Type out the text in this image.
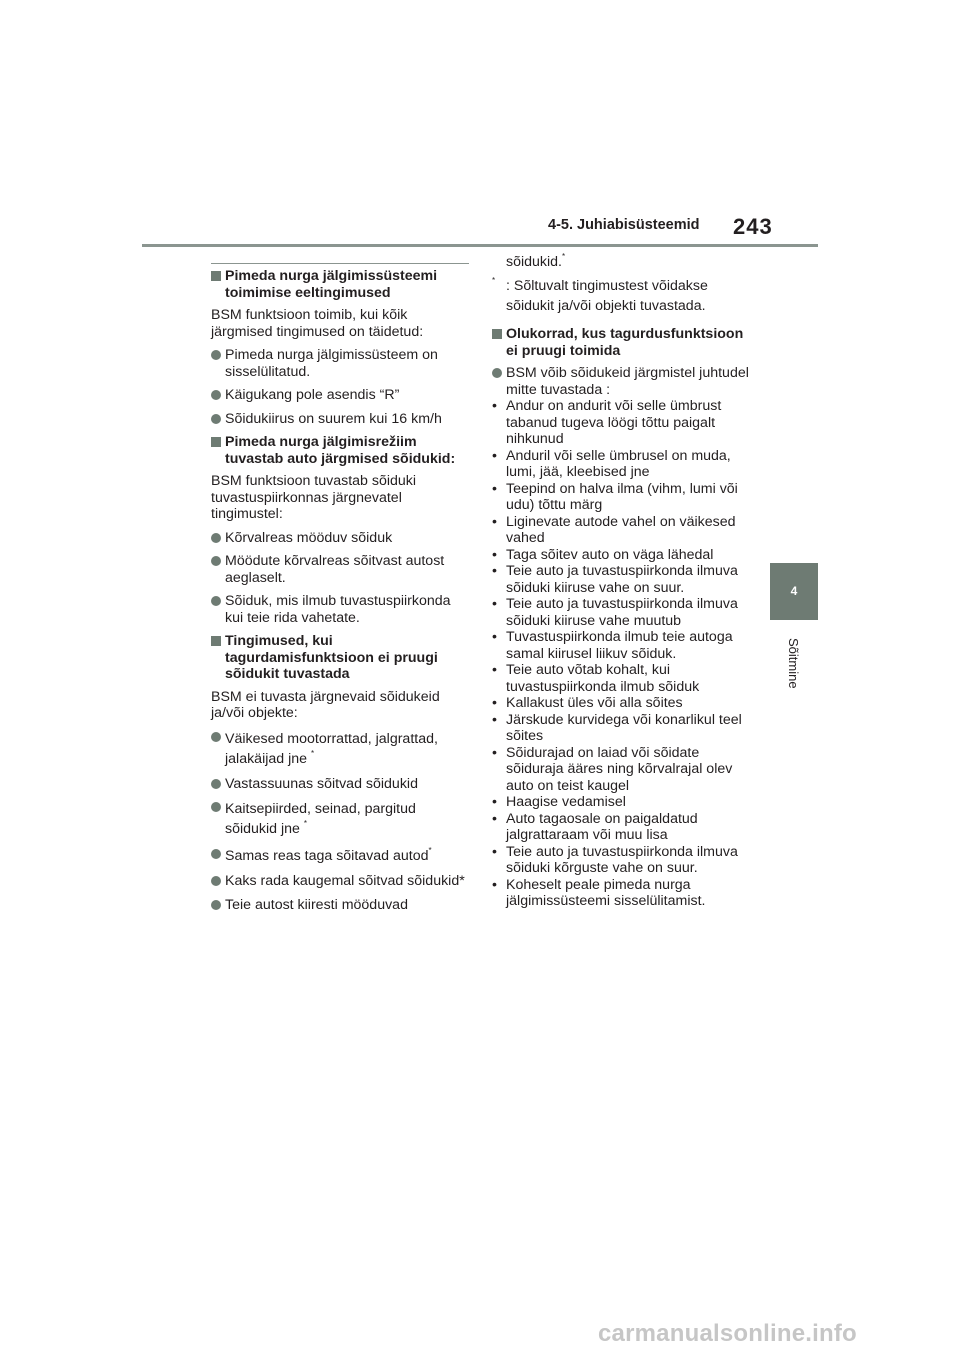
4-5. Juhiabisüsteemid 243
4
Sõitmine
Pimeda nurga jälgimissüsteemi toimimise eeltingimused
BSM funktsioon toimib, kui kõik järgmised tingimused on täidetud:
Pimeda nurga jälgimissüsteem on sisselülitatud.
Käigukang pole asendis “R”
Sõidukiirus on suurem kui 16 km/h
Pimeda nurga jälgimisrežiim tuvastab auto järgmised sõidukid:
BSM funktsioon tuvastab sõiduki tuvastuspiirkonnas järgnevatel tingimustel:
Kõrvalreas mööduv sõiduk
Möödute kõrvalreas sõitvast autost aeglaselt.
Sõiduk, mis ilmub tuvastuspiirkonda kui teie rida vahetate.
Tingimused, kui tagurdamisfunktsioon ei pruugi sõidukit tuvastada
BSM ei tuvasta järgnevaid sõidukeid ja/või objekte:
Väikesed mootorrattad, jalgrattad, jalakäijad jne *
Vastassuunas sõitvad sõidukid
Kaitsepiirded, seinad, pargitud sõidukid jne *
Samas reas taga sõitavad autod*
Kaks rada kaugemal sõitvad sõidukid*
Teie autost kiiresti mööduvad
sõidukid.*
* : Sõltuvalt tingimustest võidakse sõidukit ja/või objekti tuvastada.
Olukorrad, kus tagurdusfunktsioon ei pruugi toimida
BSM võib sõidukeid järgmistel juhtudel mitte tuvastada :
• Andur on andurit või selle ümbrust tabanud tugeva löögi tõttu paigalt nihkunud
• Anduril või selle ümbrusel on muda, lumi, jää, kleebised jne
• Teepind on halva ilma (vihm, lumi või udu) tõttu märg
• Liginevate autode vahel on väikesed vahed
• Taga sõitev auto on väga lähedal
• Teie auto ja tuvastuspiirkonda ilmuva sõiduki kiiruse vahe on suur.
• Teie auto ja tuvastuspiirkonda ilmuva sõiduki kiiruse vahe muutub
• Tuvastuspiirkonda ilmub teie autoga samal kiirusel liikuv sõiduk.
• Teie auto võtab kohalt, kui tuvastuspiirkonda ilmub sõiduk
• Kallakust üles või alla sõites
• Järskude kurvidega või konarlikul teel sõites
• Sõidurajad on laiad või sõidate sõiduraja ääres ning kõrvalrajal olev auto on teist kaugel
• Haagise vedamisel
• Auto tagaosale on paigaldatud jalgrattaraam või muu lisa
• Teie auto ja tuvastuspiirkonda ilmuva sõiduki kõrguste vahe on suur.
• Koheselt peale pimeda nurga jälgimissüsteemi sisselülitamist.
carmanualsonline.info
